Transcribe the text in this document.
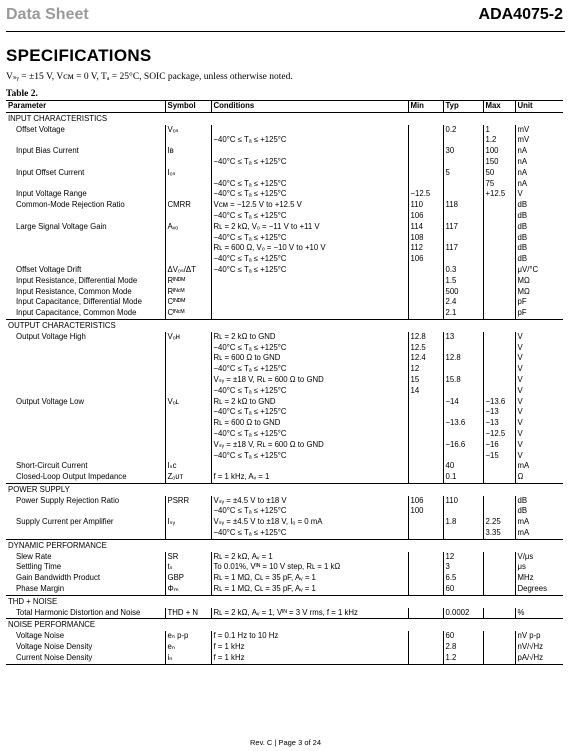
Data Sheet	ADA4075-2
SPECIFICATIONS
Vₛᵧ = ±15 V, Vᴄᴍ = 0 V, Tₐ = 25°C, SOIC package, unless otherwise noted.
Table 2.
Parameter	Symbol	Conditions	Min	Typ	Max	Unit
INPUT CHARACTERISTICS						
Offset Voltage	Vₒₛ			0.2	1	mV
		−40°C ≤ Tₐ ≤ +125°C			1.2	mV
Input Bias Current	Iʙ			30	100	nA
		−40°C ≤ Tₐ ≤ +125°C			150	nA
Input Offset Current	Iₒₛ			5	50	nA
		−40°C ≤ Tₐ ≤ +125°C			75	nA
Input Voltage Range		−40°C ≤ Tₐ ≤ +125°C	−12.5		+12.5	V
Common-Mode Rejection Ratio	CMRR	Vᴄᴍ = −12.5 V to +12.5 V	110	118		dB
		−40°C ≤ Tₐ ≤ +125°C	106			dB
Large Signal Voltage Gain	Aᵥₒ	Rʟ = 2 kΩ, Vₒ = −11 V to +11 V	114	117		dB
		−40°C ≤ Tₐ ≤ +125°C	108			dB
		Rʟ = 600 Ω, Vₒ = −10 V to +10 V	112	117		dB
		−40°C ≤ Tₐ ≤ +125°C	106			dB
Offset Voltage Drift	ΔVₒₛ/ΔT	−40°C ≤ Tₐ ≤ +125°C		0.3		μV/°C
Input Resistance, Differential Mode	Rᴵᴺᴰᴹ			1.5		MΩ
Input Resistance, Common Mode	Rᴵᴺᶜᴹ			500		MΩ
Input Capacitance, Differential Mode	Cᴵᴺᴰᴹ			2.4		pF
Input Capacitance, Common Mode	Cᴵᴺᶜᴹ			2.1		pF
OUTPUT CHARACTERISTICS						
Output Voltage High	Vₒʜ	Rʟ = 2 kΩ to GND	12.8	13		V
		−40°C ≤ Tₐ ≤ +125°C	12.5			V
		Rʟ = 600 Ω to GND	12.4	12.8		V
		−40°C ≤ Tₐ ≤ +125°C	12			V
		Vₛᵧ = ±18 V, Rʟ = 600 Ω to GND	15	15.8		V
		−40°C ≤ Tₐ ≤ +125°C	14			V
Output Voltage Low	Vₒʟ	Rʟ = 2 kΩ to GND		−14	−13.6	V
		−40°C ≤ Tₐ ≤ +125°C			−13	V
		Rʟ = 600 Ω to GND		−13.6	−13	V
		−40°C ≤ Tₐ ≤ +125°C			−12.5	V
		Vₛᵧ = ±18 V, Rʟ = 600 Ω to GND		−16.6	−16	V
		−40°C ≤ Tₐ ≤ +125°C			−15	V
Short-Circuit Current	Iₛᴄ			40		mA
Closed-Loop Output Impedance	Zₒᴜᴛ	f = 1 kHz, Aᵥ = 1		0.1		Ω
POWER SUPPLY						
Power Supply Rejection Ratio	PSRR	Vₛᵧ = ±4.5 V to ±18 V	106	110		dB
		−40°C ≤ Tₐ ≤ +125°C	100			dB
Supply Current per Amplifier	Iₛᵧ	Vₛᵧ = ±4.5 V to ±18 V, Iₒ = 0 mA		1.8	2.25	mA
		−40°C ≤ Tₐ ≤ +125°C			3.35	mA
DYNAMIC PERFORMANCE						
Slew Rate	SR	Rʟ = 2 kΩ, Aᵥ = 1		12		V/μs
Settling Time	tₛ	To 0.01%, Vᴵᴺ = 10 V step, Rʟ = 1 kΩ		3		μs
Gain Bandwidth Product	GBP	Rʟ = 1 MΩ, Cʟ = 35 pF, Aᵥ = 1		6.5		MHz
Phase Margin	Φₘ	Rʟ = 1 MΩ, Cʟ = 35 pF, Aᵥ = 1		60		Degrees
THD + NOISE						
Total Harmonic Distortion and Noise	THD + N	Rʟ = 2 kΩ, Aᵥ = 1, Vᴵᴺ = 3 V rms, f = 1 kHz		0.0002		%
NOISE PERFORMANCE						
Voltage Noise	eₙ p-p	f = 0.1 Hz to 10 Hz		60		nV p-p
Voltage Noise Density	eₙ	f = 1 kHz		2.8		nV/√Hz
Current Noise Density	iₙ	f = 1 kHz		1.2		pA/√Hz
Rev. C | Page 3 of 24
